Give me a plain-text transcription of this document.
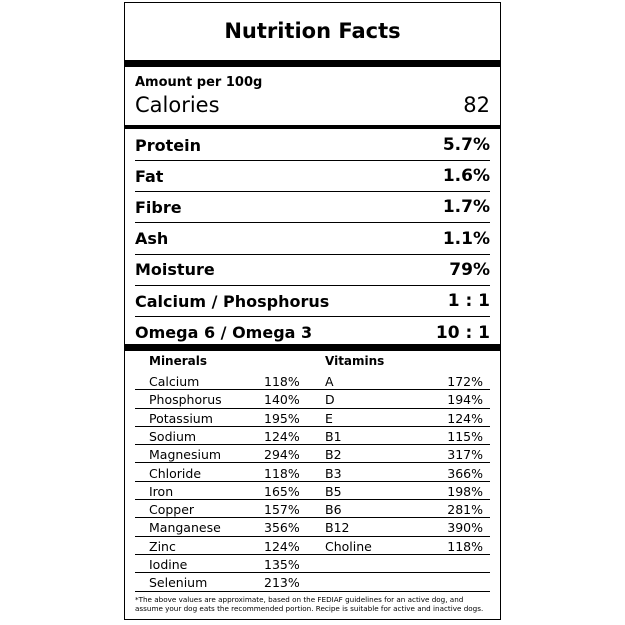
Nutrition Facts
Amount per 100g
Calories	82
Protein	5.7%
Fat	1.6%
Fibre	1.7%
Ash	1.1%
Moisture	79%
Calcium / Phosphorus	1 : 1
Omega 6 / Omega 3	10 : 1
Minerals	Vitamins
Calcium	118% A	172%
Phosphorus	140% D	194%
Potassium	195% E	124%
Sodium	124% B1	115%
Magnesium	294% B2	317%
Chloride	118% B3	366%
Iron	165% B5	198%
Copper	157% B6	281%
Manganese	356% B12	390%
Zinc	124% Choline	118%
Iodine	135%
Selenium	213%
*The above values are approximate, based on the FEDIAF guidelines for an active dog, and assume your dog eats the recommended portion. Recipe is suitable for active and inactive dogs.
